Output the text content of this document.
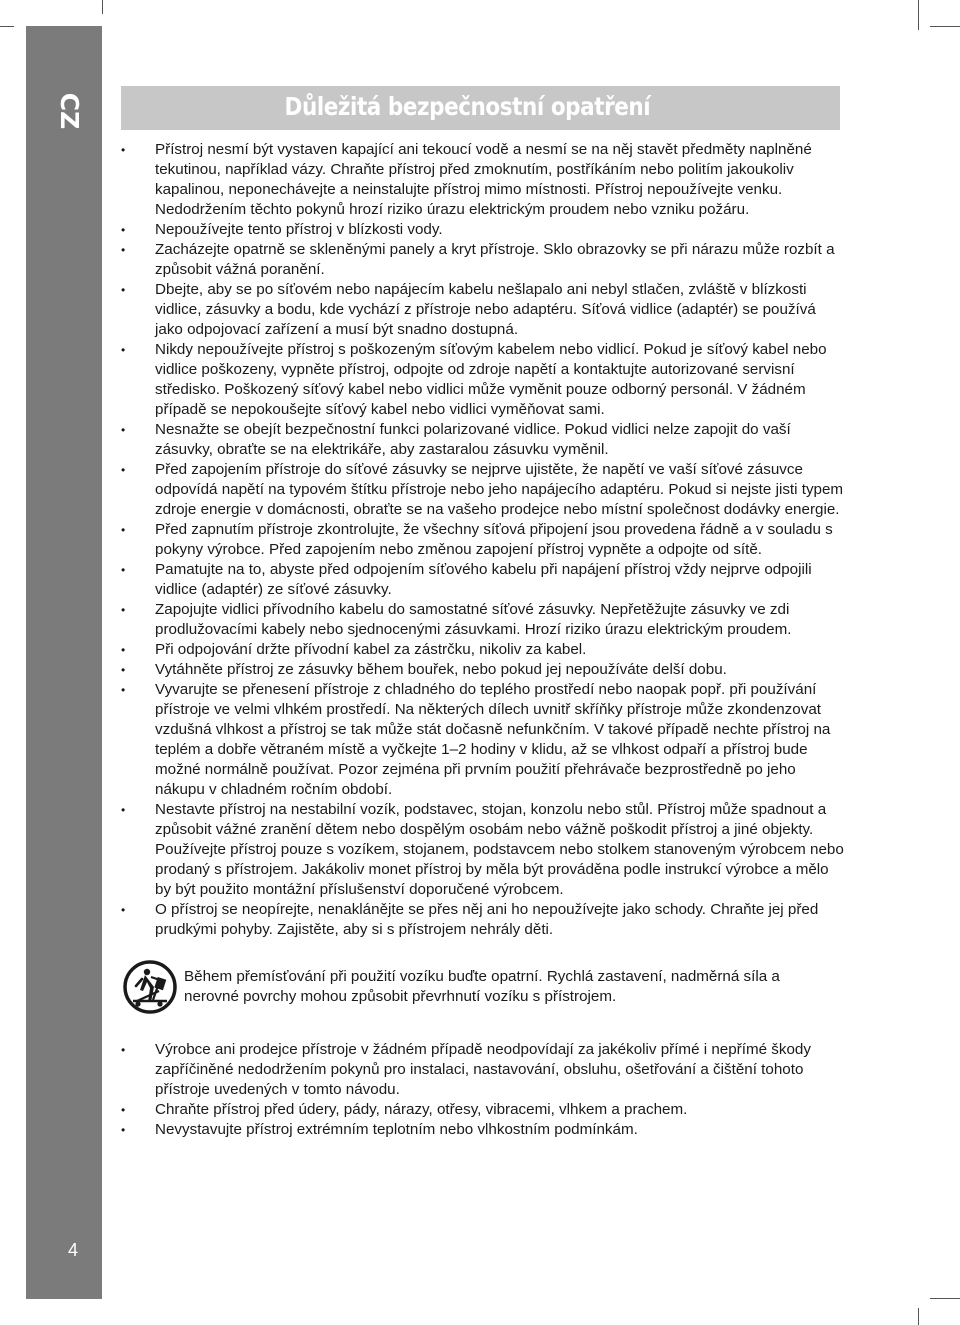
CZ
4
Důležitá bezpečnostní opatření
• Přístroj nesmí být vystaven kapající ani tekoucí vodě a nesmí se na něj stavět předměty naplněné tekutinou, například vázy. Chraňte přístroj před zmoknutím, postříkáním nebo politím jakoukoliv kapalinou, neponechávejte a neinstalujte přístroj mimo místnosti. Přístroj nepoužívejte venku. Nedodržením těchto pokynů hrozí riziko úrazu elektrickým proudem nebo vzniku požáru.
• Nepoužívejte tento přístroj v blízkosti vody.
• Zacházejte opatrně se skleněnými panely a kryt přístroje. Sklo obrazovky se při nárazu může rozbít a způsobit vážná poranění.
• Dbejte, aby se po síťovém nebo napájecím kabelu nešlapalo ani nebyl stlačen, zvláště v blízkosti vidlice, zásuvky a bodu, kde vychází z přístroje nebo adaptéru. Síťová vidlice (adaptér) se používá jako odpojovací zařízení a musí být snadno dostupná.
• Nikdy nepoužívejte přístroj s poškozeným síťovým kabelem nebo vidlicí. Pokud je síťový kabel nebo vidlice poškozeny, vypněte přístroj, odpojte od zdroje napětí a kontaktujte autorizované servisní středisko. Poškozený síťový kabel nebo vidlici může vyměnit pouze odborný personál. V žádném případě se nepokoušejte síťový kabel nebo vidlici vyměňovat sami.
• Nesnažte se obejít bezpečnostní funkci polarizované vidlice. Pokud vidlici nelze zapojit do vaší zásuvky, obraťte se na elektrikáře, aby zastaralou zásuvku vyměnil.
• Před zapojením přístroje do síťové zásuvky se nejprve ujistěte, že napětí ve vaší síťové zásuvce odpovídá napětí na typovém štítku přístroje nebo jeho napájecího adaptéru. Pokud si nejste jisti typem zdroje energie v domácnosti, obraťte se na vašeho prodejce nebo místní společnost dodávky energie.
• Před zapnutím přístroje zkontrolujte, že všechny síťová připojení jsou provedena řádně a v souladu s pokyny výrobce. Před zapojením nebo změnou zapojení přístroj vypněte a odpojte od sítě.
• Pamatujte na to, abyste před odpojením síťového kabelu při napájení přístroj vždy nejprve odpojili vidlice (adaptér) ze síťové zásuvky.
• Zapojujte vidlici přívodního kabelu do samostatné síťové zásuvky. Nepřetěžujte zásuvky ve zdi prodlužovacími kabely nebo sjednocenými zásuvkami. Hrozí riziko úrazu elektrickým proudem.
• Při odpojování držte přívodní kabel za zástrčku, nikoliv za kabel.
• Vytáhněte přístroj ze zásuvky během bouřek, nebo pokud jej nepoužíváte delší dobu.
• Vyvarujte se přenesení přístroje z chladného do teplého prostředí nebo naopak popř. při používání přístroje ve velmi vlhkém prostředí. Na některých dílech uvnitř skříňky přístroje může zkondenzovat vzdušná vlhkost a přístroj se tak může stát dočasně nefunkčním. V takové případě nechte přístroj na teplém a dobře větraném místě a vyčkejte 1–2 hodiny v klidu, až se vlhkost odpaří a přístroj bude možné normálně používat. Pozor zejména při prvním použití přehrávače bezprostředně po jeho nákupu v chladném ročním období.
• Nestavte přístroj na nestabilní vozík, podstavec, stojan, konzolu nebo stůl. Přístroj může spadnout a způsobit vážné zranění dětem nebo dospělým osobám nebo vážně poškodit přístroj a jiné objekty. Používejte přístroj pouze s vozíkem, stojanem, podstavcem nebo stolkem stanoveným výrobcem nebo prodaný s přístrojem. Jakákoliv monet přístroj by měla být prováděna podle instrukcí výrobce a mělo by být použito montážní příslušenství doporučené výrobcem.
• O přístroj se neopírejte, nenaklánějte se přes něj ani ho nepoužívejte jako schody. Chraňte jej před prudkými pohyby. Zajistěte, aby si s přístrojem nehrály děti.
Během přemísťování při použití vozíku buďte opatrní. Rychlá zastavení, nadměrná síla a nerovné povrchy mohou způsobit převrhnutí vozíku s přístrojem.
• Výrobce ani prodejce přístroje v žádném případě neodpovídají za jakékoliv přímé i nepřímé škody zapříčiněné nedodržením pokynů pro instalaci, nastavování, obsluhu, ošetřování a čištění tohoto přístroje uvedených v tomto návodu.
• Chraňte přístroj před údery, pády, nárazy, otřesy, vibracemi, vlhkem a prachem.
• Nevystavujte přístroj extrémním teplotním nebo vlhkostním podmínkám.
